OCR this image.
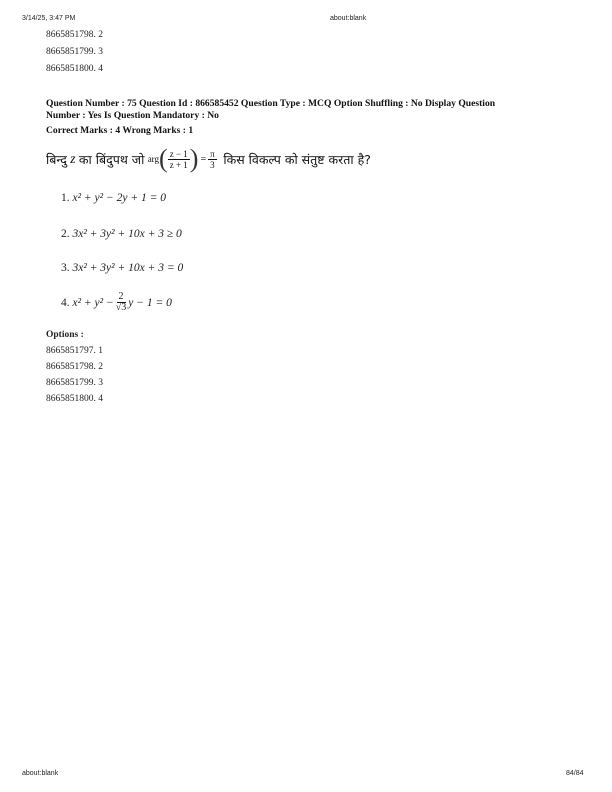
3/14/25, 3:47 PM	about:blank
8665851798. 2
8665851799. 3
8665851800. 4
Question Number : 75 Question Id : 866585452 Question Type : MCQ Option Shuffling : No Display Question
Number : Yes Is Question Mandatory : No
Correct Marks : 4 Wrong Marks : 1
बिन्दु
z
का बिंदुपथ जो
arg ( $\frac{z - 1}{z + 1}$ ) = $\frac{\pi}{3}$
किस विकल्प को संतुष्ट करता है?
1.
x² + y² − 2y + 1 = 0
2.
3x² + 3y² + 10x + 3 ≥ 0
3.
3x² + 3y² + 10x + 3 = 0
4.
$x^2 + y^2 - \frac{2}{√3}$ y − 1 = 0
Options :
8665851797. 1
8665851798. 2
8665851799. 3
8665851800. 4
about:blank	84/84
